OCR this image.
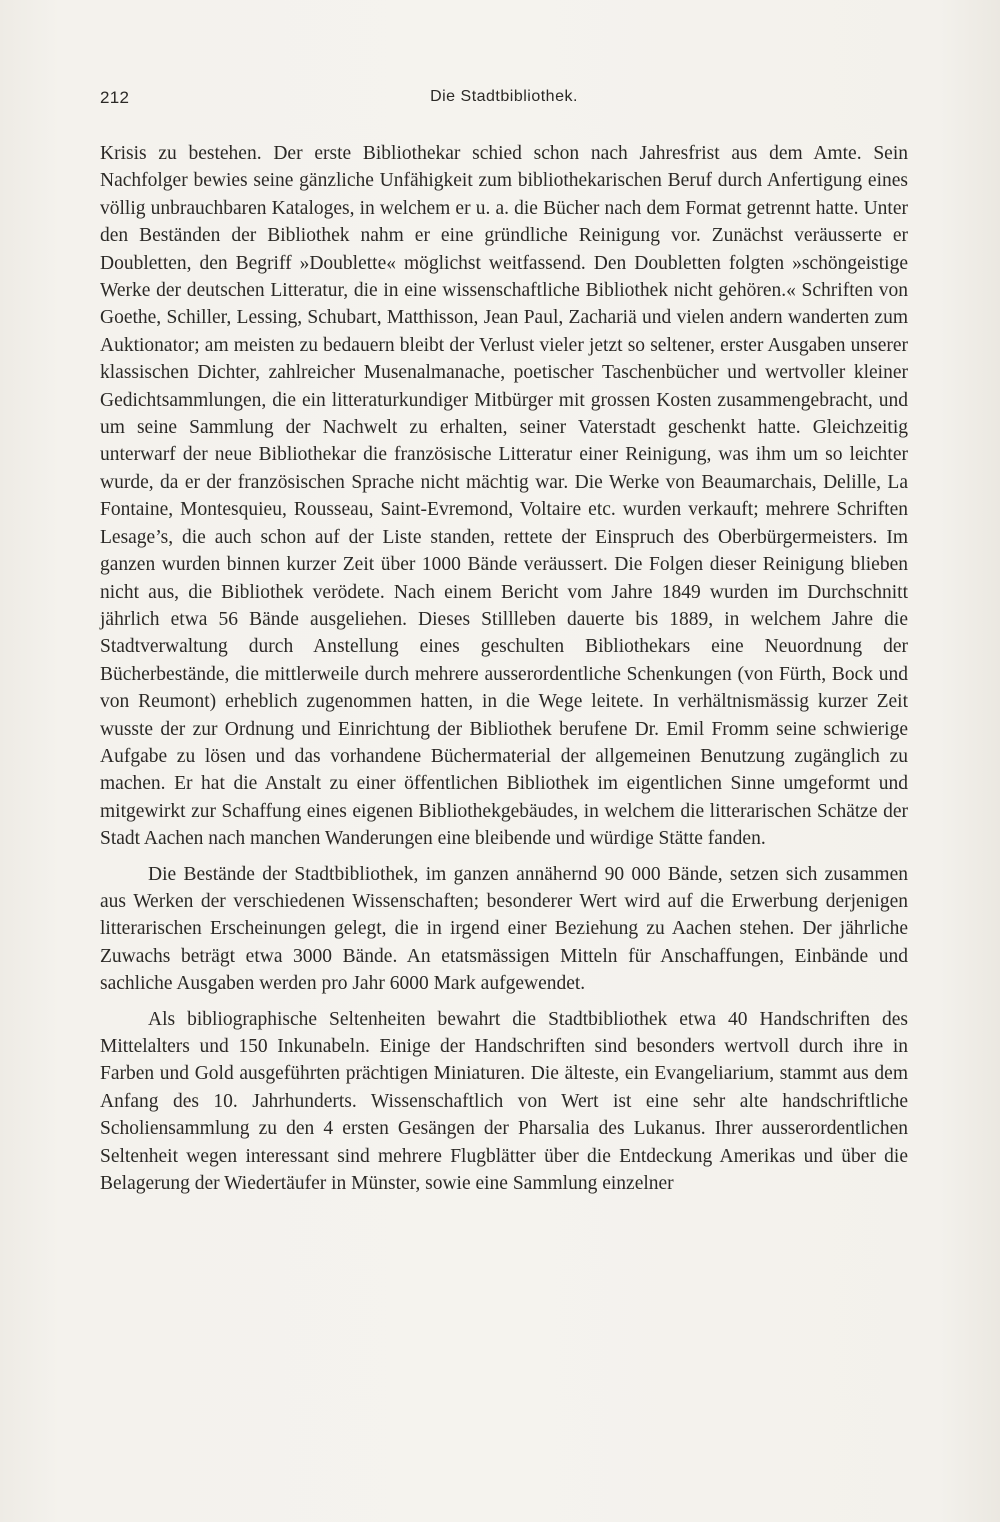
212	Die Stadtbibliothek.

Krisis zu bestehen. Der erste Bibliothekar schied schon nach Jahresfrist aus dem Amte. Sein Nachfolger bewies seine gänzliche Unfähigkeit zum bibliothekarischen Beruf durch Anfertigung eines völlig unbrauchbaren Kataloges, in welchem er u. a. die Bücher nach dem Format getrennt hatte. Unter den Beständen der Bibliothek nahm er eine gründliche Reinigung vor. Zunächst veräusserte er Doubletten, den Begriff »Doublette« möglichst weitfassend. Den Doubletten folgten »schöngeistige Werke der deutschen Litteratur, die in eine wissenschaftliche Bibliothek nicht gehören.« Schriften von Goethe, Schiller, Lessing, Schubart, Matthisson, Jean Paul, Zachariä und vielen andern wanderten zum Auktionator; am meisten zu bedauern bleibt der Verlust vieler jetzt so seltener, erster Ausgaben unserer klassischen Dichter, zahlreicher Musenalmanache, poetischer Taschenbücher und wertvoller kleiner Gedichtsammlungen, die ein litteraturkundiger Mitbürger mit grossen Kosten zusammengebracht, und um seine Sammlung der Nachwelt zu erhalten, seiner Vaterstadt geschenkt hatte. Gleichzeitig unterwarf der neue Bibliothekar die französische Litteratur einer Reinigung, was ihm um so leichter wurde, da er der französischen Sprache nicht mächtig war. Die Werke von Beaumarchais, Delille, La Fontaine, Montesquieu, Rousseau, Saint-Evremond, Voltaire etc. wurden verkauft; mehrere Schriften Lesage’s, die auch schon auf der Liste standen, rettete der Einspruch des Oberbürgermeisters. Im ganzen wurden binnen kurzer Zeit über 1000 Bände veräussert. Die Folgen dieser Reinigung blieben nicht aus, die Bibliothek verödete. Nach einem Bericht vom Jahre 1849 wurden im Durchschnitt jährlich etwa 56 Bände ausgeliehen. Dieses Stillleben dauerte bis 1889, in welchem Jahre die Stadtverwaltung durch Anstellung eines geschulten Bibliothekars eine Neuordnung der Bücherbestände, die mittlerweile durch mehrere ausserordentliche Schenkungen (von Fürth, Bock und von Reumont) erheblich zugenommen hatten, in die Wege leitete. In verhältnismässig kurzer Zeit wusste der zur Ordnung und Einrichtung der Bibliothek berufene Dr. Emil Fromm seine schwierige Aufgabe zu lösen und das vorhandene Büchermaterial der allgemeinen Benutzung zugänglich zu machen. Er hat die Anstalt zu einer öffentlichen Bibliothek im eigentlichen Sinne umgeformt und mitgewirkt zur Schaffung eines eigenen Bibliothekgebäudes, in welchem die litterarischen Schätze der Stadt Aachen nach manchen Wanderungen eine bleibende und würdige Stätte fanden.

Die Bestände der Stadtbibliothek, im ganzen annähernd 90 000 Bände, setzen sich zusammen aus Werken der verschiedenen Wissenschaften; besonderer Wert wird auf die Erwerbung derjenigen litterarischen Erscheinungen gelegt, die in irgend einer Beziehung zu Aachen stehen. Der jährliche Zuwachs beträgt etwa 3000 Bände. An etatsmässigen Mitteln für Anschaffungen, Einbände und sachliche Ausgaben werden pro Jahr 6000 Mark aufgewendet.

Als bibliographische Seltenheiten bewahrt die Stadtbibliothek etwa 40 Handschriften des Mittelalters und 150 Inkunabeln. Einige der Handschriften sind besonders wertvoll durch ihre in Farben und Gold ausgeführten prächtigen Miniaturen. Die älteste, ein Evangeliarium, stammt aus dem Anfang des 10. Jahrhunderts. Wissenschaftlich von Wert ist eine sehr alte handschriftliche Scholiensammlung zu den 4 ersten Gesängen der Pharsalia des Lukanus. Ihrer ausserordentlichen Seltenheit wegen interessant sind mehrere Flugblätter über die Entdeckung Amerikas und über die Belagerung der Wiedertäufer in Münster, sowie eine Sammlung einzelner
